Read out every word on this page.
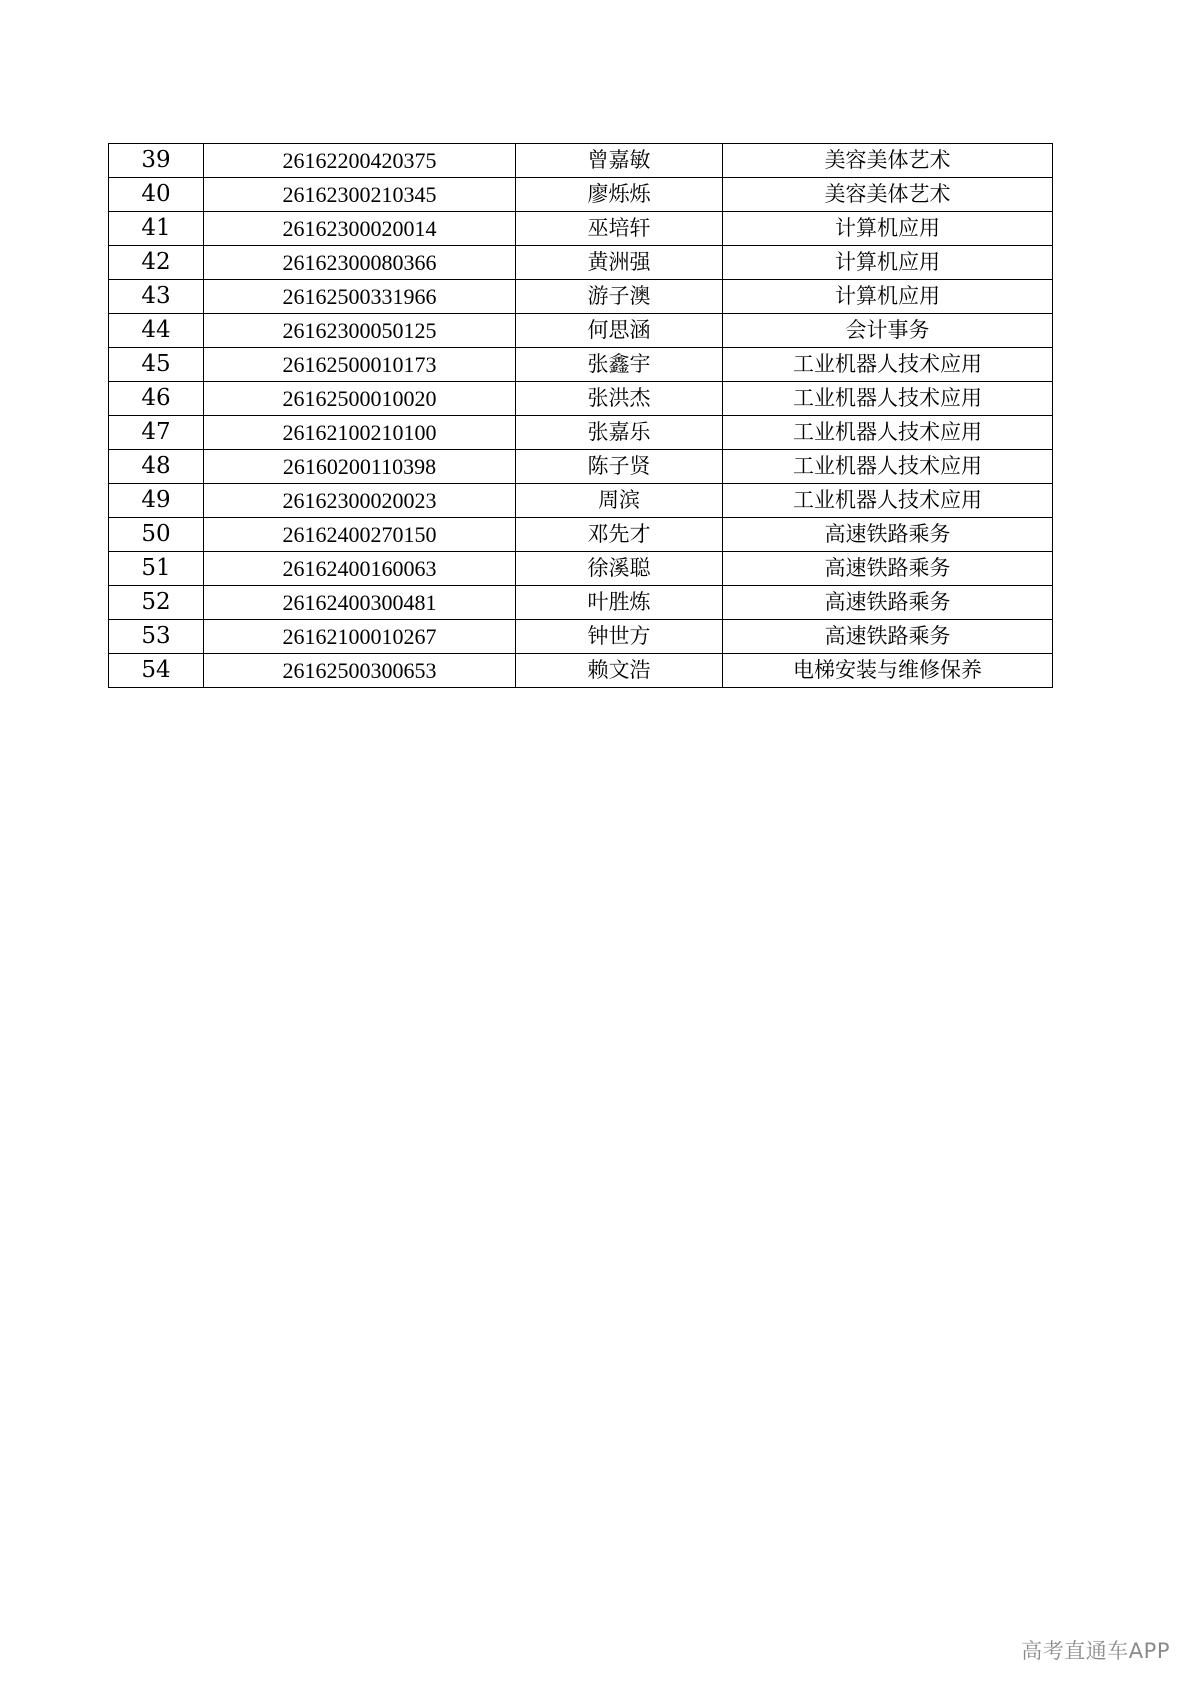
39	26162200420375	曾嘉敏	美容美体艺术
40	26162300210345	廖烁烁	美容美体艺术
41	26162300020014	巫培轩	计算机应用
42	26162300080366	黄洲强	计算机应用
43	26162500331966	游子澳	计算机应用
44	26162300050125	何思涵	会计事务
45	26162500010173	张鑫宇	工业机器人技术应用
46	26162500010020	张洪杰	工业机器人技术应用
47	26162100210100	张嘉乐	工业机器人技术应用
48	26160200110398	陈子贤	工业机器人技术应用
49	26162300020023	周滨	工业机器人技术应用
50	26162400270150	邓先才	高速铁路乘务
51	26162400160063	徐溪聪	高速铁路乘务
52	26162400300481	叶胜炼	高速铁路乘务
53	26162100010267	钟世方	高速铁路乘务
54	26162500300653	赖文浩	电梯安装与维修保养
高考直通车APP
